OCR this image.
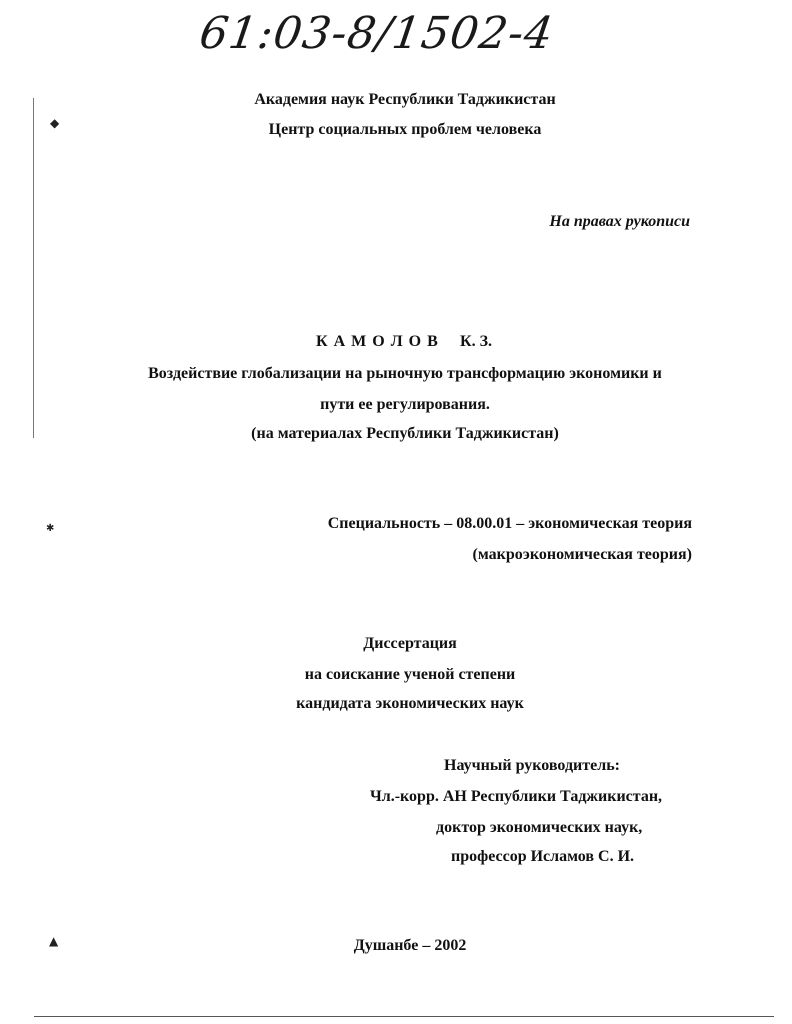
61:03-8/1502-4
◆
✱
▲
Академия наук Республики Таджикистан
Центр социальных проблем человека
На правах рукописи
К А М О Л О В К. З.
Воздействие глобализации на рыночную трансформацию экономики и
пути ее регулирования.
(на материалах Республики Таджикистан)
Специальность – 08.00.01 – экономическая теория
(макроэкономическая теория)
Диссертация
на соискание ученой степени
кандидата экономических наук
Научный руководитель:
Чл.-корр. АН Республики Таджикистан,
доктор экономических наук,
профессор Исламов С. И.
Душанбе – 2002
